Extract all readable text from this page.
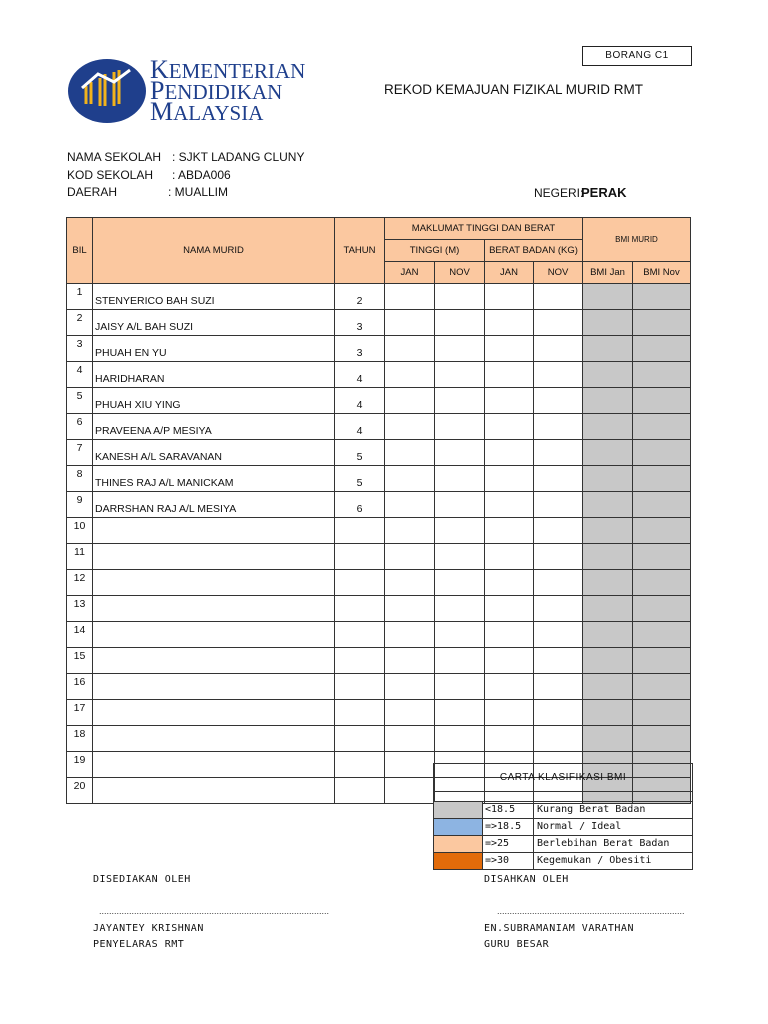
BORANG C1
KEMENTERIAN
PENDIDIKAN
MALAYSIA
REKOD KEMAJUAN FIZIKAL MURID RMT
NAMA SEKOLAH : SJKT LADANG CLUNY
KOD SEKOLAH : ABDA006
DAERAH	: MUALLIM	NEGERI:
PERAK
BIL	NAMA MURID	TAHUN	MAKLUMAT TINGGI DAN BERAT				BMI MURID	
			TINGGI (M)		BERAT BADAN (KG)			
			JAN	NOV	JAN	NOV	BMI Jan	BMI Nov
1	STENYERICO BAH SUZI	2						
2	JAISY A/L BAH SUZI	3						
3	PHUAH EN YU	3						
4	HARIDHARAN	4						
5	PHUAH XIU YING	4						
6	PRAVEENA A/P MESIYA	4						
7	KANESH A/L SARAVANAN	5						
8	THINES RAJ A/L MANICKAM	5						
9	DARRSHAN RAJ A/L MESIYA	6						
10								
11								
12								
13								
14								
15								
16								
17								
18								
19								
20								
CARTA KLASIFIKASI BMI
<18.5	Kurang Berat Badan
=>18.5	Normal / Ideal
=>25	Berlebihan Berat Badan
=>30	Kegemukan / Obesiti
DISEDIAKAN OLEH
............................................................................................
JAYANTEY KRISHNAN
PENYELARAS RMT
DISAHKAN OLEH
...........................................................................
EN.SUBRAMANIAM VARATHAN
GURU BESAR
